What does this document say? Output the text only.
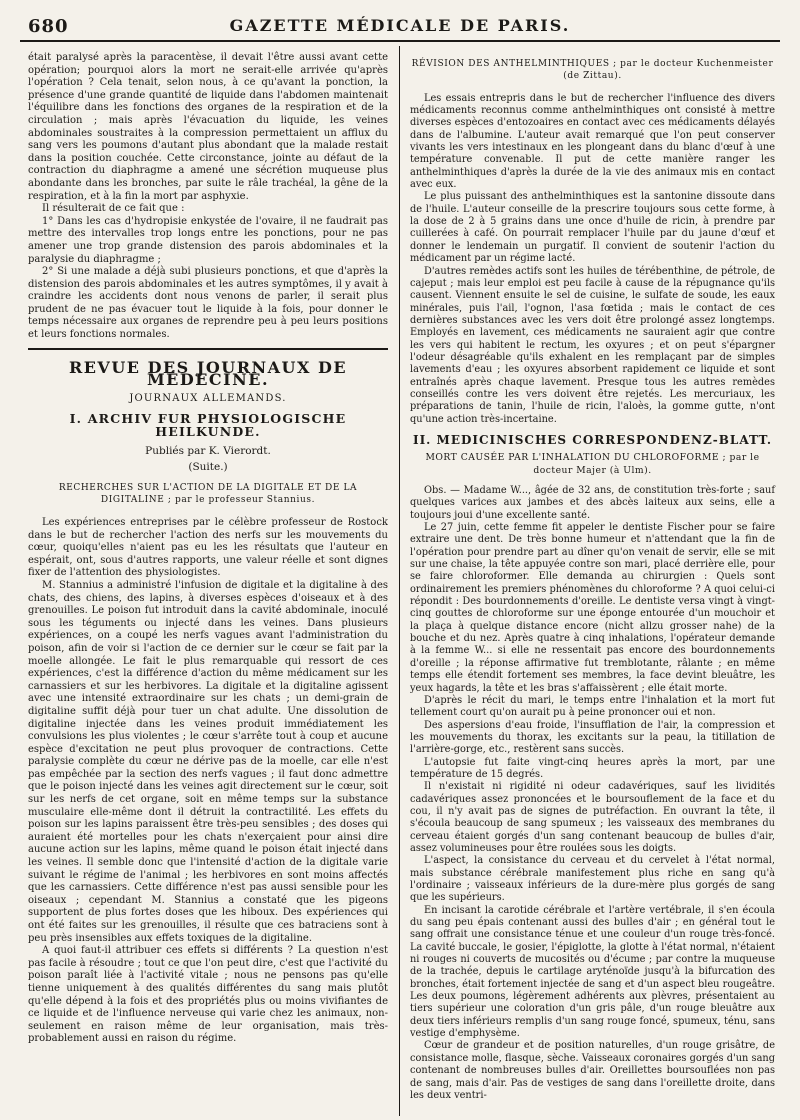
680	GAZETTE MÉDICALE DE PARIS.

était paralysé après la paracentèse, il devait l'être aussi avant cette opération; pourquoi alors la mort ne serait-elle arrivée qu'après l'opération ? Cela tenait, selon nous, à ce qu'avant la ponction, la présence d'une grande quantité de liquide dans l'abdomen maintenait l'équilibre dans les fonctions des organes de la respiration et de la circulation ; mais après l'évacuation du liquide, les veines abdominales soustraites à la compression permettaient un afflux du sang vers les poumons d'autant plus abondant que la malade restait dans la position couchée. Cette circonstance, jointe au défaut de la contraction du diaphragme a amené une sécrétion muqueuse plus abondante dans les bronches, par suite le râle trachéal, la gêne de la respiration, et à la fin la mort par asphyxie.

Il résulterait de ce fait que :

1° Dans les cas d'hydropisie enkystée de l'ovaire, il ne faudrait pas mettre des intervalles trop longs entre les ponctions, pour ne pas amener une trop grande distension des parois abdominales et la paralysie du diaphragme ;

2° Si une malade a déjà subi plusieurs ponctions, et que d'après la distension des parois abdominales et les autres symptômes, il y avait à craindre les accidents dont nous venons de parler, il serait plus prudent de ne pas évacuer tout le liquide à la fois, pour donner le temps nécessaire aux organes de reprendre peu à peu leurs positions et leurs fonctions normales.

REVUE DES JOURNAUX DE MÉDECINE.
JOURNAUX ALLEMANDS.
I. ARCHIV FUR PHYSIOLOGISCHE HEILKUNDE.
Publiés par K. Vierordt.
(Suite.)
RECHERCHES SUR L'ACTION DE LA DIGITALE ET DE LA DIGITALINE ; par le professeur Stannius.

Les expériences entreprises par le célèbre professeur de Rostock dans le but de rechercher l'action des nerfs sur les mouvements du cœur, quoiqu'elles n'aient pas eu les les résultats que l'auteur en espérait, ont, sous d'autres rapports, une valeur réelle et sont dignes fixer de l'attention des physiologistes.

M. Stannius a administré l'infusion de digitale et la digitaline à des chats, des chiens, des lapins, à diverses espèces d'oiseaux et à des grenouilles. Le poison fut introduit dans la cavité abdominale, inoculé sous les téguments ou injecté dans les veines. Dans plusieurs expériences, on a coupé les nerfs vagues avant l'administration du poison, afin de voir si l'action de ce dernier sur le cœur se fait par la moelle allongée. Le fait le plus remarquable qui ressort de ces expériences, c'est la différence d'action du même médicament sur les carnassiers et sur les herbivores. La digitale et la digitaline agissent avec une intensité extraordinaire sur les chats ; un demi-grain de digitaline suffit déjà pour tuer un chat adulte. Une dissolution de digitaline injectée dans les veines produit immédiatement les convulsions les plus violentes ; le cœur s'arrête tout à coup et aucune espèce d'excitation ne peut plus provoquer de contractions. Cette paralysie complète du cœur ne dérive pas de la moelle, car elle n'est pas empêchée par la section des nerfs vagues ; il faut donc admettre que le poison injecté dans les veines agit directement sur le cœur, soit sur les nerfs de cet organe, soit en même temps sur la substance musculaire elle-même dont il détruit la contractilité. Les effets du poison sur les lapins paraissent être très-peu sensibles ; des doses qui auraient été mortelles pour les chats n'exerçaient pour ainsi dire aucune action sur les lapins, même quand le poison était injecté dans les veines. Il semble donc que l'intensité d'action de la digitale varie suivant le régime de l'animal ; les herbivores en sont moins affectés que les carnassiers. Cette différence n'est pas aussi sensible pour les oiseaux ; cependant M. Stannius a constaté que les pigeons supportent de plus fortes doses que les hiboux. Des expériences qui ont été faites sur les grenouilles, il résulte que ces batraciens sont à peu près insensibles aux effets toxiques de la digitaline.

A quoi faut-il attribuer ces effets si différents ? La question n'est pas facile à résoudre ; tout ce que l'on peut dire, c'est que l'activité du poison paraît liée à l'activité vitale ; nous ne pensons pas qu'elle tienne uniquement à des qualités différentes du sang mais plutôt qu'elle dépend à la fois et des propriétés plus ou moins vivifiantes de ce liquide et de l'influence nerveuse qui varie chez les animaux, non-seulement en raison même de leur organisation, mais très-probablement aussi en raison du régime.

RÉVISION DES ANTHELMINTHIQUES ; par le docteur Kuchenmeister (de Zittau).

Les essais entrepris dans le but de rechercher l'influence des divers médicaments reconnus comme anthelminthiques ont consisté à mettre diverses espèces d'entozoaires en contact avec ces médicaments délayés dans de l'albumine. L'auteur avait remarqué que l'on peut conserver vivants les vers intestinaux en les plongeant dans du blanc d'œuf à une température convenable. Il put de cette manière ranger les anthelminthiques d'après la durée de la vie des animaux mis en contact avec eux.

Le plus puissant des anthelminthiques est la santonine dissoute dans de l'huile. L'auteur conseille de la prescrire toujours sous cette forme, à la dose de 2 à 5 grains dans une once d'huile de ricin, à prendre par cuillerées à café. On pourrait remplacer l'huile par du jaune d'œuf et donner le lendemain un purgatif. Il convient de soutenir l'action du médicament par un régime lacté.

D'autres remèdes actifs sont les huiles de térébenthine, de pétrole, de cajeput ; mais leur emploi est peu facile à cause de la répugnance qu'ils causent. Viennent ensuite le sel de cuisine, le sulfate de soude, les eaux minérales, puis l'ail, l'ognon, l'asa fœtida ; mais le contact de ces dernières substances avec les vers doit être prolongé assez longtemps. Employés en lavement, ces médicaments ne sauraient agir que contre les vers qui habitent le rectum, les oxyures ; et on peut s'épargner l'odeur désagréable qu'ils exhalent en les remplaçant par de simples lavements d'eau ; les oxyures absorbent rapidement ce liquide et sont entraînés après chaque lavement. Presque tous les autres remèdes conseillés contre les vers doivent être rejetés. Les mercuriaux, les préparations de tanin, l'huile de ricin, l'aloès, la gomme gutte, n'ont qu'une action très-incertaine.

II. MEDICINISCHES CORRESPONDENZ-BLATT.
MORT CAUSÉE PAR L'INHALATION DU CHLOROFORME ; par le docteur Majer (à Ulm).

Obs. — Madame W..., âgée de 32 ans, de constitution très-forte ; sauf quelques varices aux jambes et des abcès laiteux aux seins, elle a toujours joui d'une excellente santé.

Le 27 juin, cette femme fit appeler le dentiste Fischer pour se faire extraire une dent. De très bonne humeur et n'attendant que la fin de l'opération pour prendre part au dîner qu'on venait de servir, elle se mit sur une chaise, la tête appuyée contre son mari, placé derrière elle, pour se faire chloroformer. Elle demanda au chirurgien : Quels sont ordinairement les premiers phénomènes du chloroforme ? A quoi celui-ci répondit : Des bourdonnements d'oreille. Le dentiste versa vingt à vingt-cinq gouttes de chloroforme sur une éponge entourée d'un mouchoir et la plaça à quelque distance encore (nicht allzu grosser nahe) de la bouche et du nez. Après quatre à cinq inhalations, l'opérateur demande à la femme W... si elle ne ressentait pas encore des bourdonnements d'oreille ; la réponse affirmative fut tremblotante, râlante ; en même temps elle étendit fortement ses membres, la face devint bleuâtre, les yeux hagards, la tête et les bras s'affaissèrent ; elle était morte.

D'après le récit du mari, le temps entre l'inhalation et la mort fut tellement court qu'on aurait pu à peine prononcer oui et non.

Des aspersions d'eau froide, l'insufflation de l'air, la compression et les mouvements du thorax, les excitants sur la peau, la titillation de l'arrière-gorge, etc., restèrent sans succès.

L'autopsie fut faite vingt-cinq heures après la mort, par une température de 15 degrés.

Il n'existait ni rigidité ni odeur cadavériques, sauf les lividités cadavériques assez prononcées et le boursouflement de la face et du cou, il n'y avait pas de signes de putréfaction. En ouvrant la tête, il s'écoula beaucoup de sang spumeux ; les vaisseaux des membranes du cerveau étaient gorgés d'un sang contenant beaucoup de bulles d'air, assez volumineuses pour être roulées sous les doigts.

L'aspect, la consistance du cerveau et du cervelet à l'état normal, mais substance cérébrale manifestement plus riche en sang qu'à l'ordinaire ; vaisseaux inférieurs de la dure-mère plus gorgés de sang que les supérieurs.

En incisant la carotide cérébrale et l'artère vertébrale, il s'en écoula du sang peu épais contenant aussi des bulles d'air ; en général tout le sang offrait une consistance ténue et une couleur d'un rouge très-foncé. La cavité buccale, le gosier, l'épiglotte, la glotte à l'état normal, n'étaient ni rouges ni couverts de mucosités ou d'écume ; par contre la muqueuse de la trachée, depuis le cartilage aryténoïde jusqu'à la bifurcation des bronches, était fortement injectée de sang et d'un aspect bleu rougeâtre. Les deux poumons, légèrement adhérents aux plèvres, présentaient au tiers supérieur une coloration d'un gris pâle, d'un rouge bleuâtre aux deux tiers inférieurs remplis d'un sang rouge foncé, spumeux, ténu, sans vestige d'emphysème.

Cœur de grandeur et de position naturelles, d'un rouge grisâtre, de consistance molle, flasque, sèche. Vaisseaux coronaires gorgés d'un sang contenant de nombreuses bulles d'air. Oreillettes boursouflées non pas de sang, mais d'air. Pas de vestiges de sang dans l'oreillette droite, dans les deux ventri-
